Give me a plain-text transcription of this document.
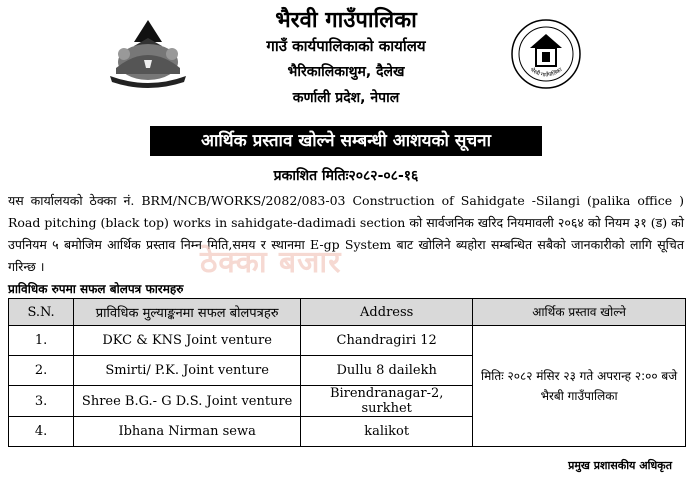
भैरवी गाउँपालिका
गाउँ कार्यपालिकाको कार्यालय
भैरिकालिकाथुम, दैलेख
कर्णाली प्रदेश, नेपाल
भैरवी गाउँपालिका
आर्थिक प्रस्ताव खोल्ने सम्बन्धी आशयको सूचना
प्रकाशित मितिः२०८२-०८-१६
यस कार्यालयको ठेक्का नं. BRM/NCB/WORKS/2082/083-03 Construction of Sahidgate -Silangi (palika office ) Road pitching (black top) works in sahidgate-dadimadi section को सार्वजनिक खरिद नियमावली २०६४ को नियम ३१ (ड) को उपनियम ५ बमोजिम आर्थिक प्रस्ताव निम्न मिति,समय र स्थानमा E-gp System बाट खोलिने ब्यहोरा सम्बन्धित सबैको जानकारीको लागि सूचित गरिन्छ ।	ठेक्का बजार
प्राविधिक रुपमा सफल बोलपत्र फारमहरु
S.N.	प्राविधिक मुल्याङ्कनमा सफल बोलपत्रहरु	Address	आर्थिक प्रस्ताव खोल्ने
1.	DKC & KNS Joint venture	Chandragiri 12	मितिः २०८२ मंसिर २३ गते अपरान्ह २:०० बजे भैरबी गाउँपालिका
2.	Smirti/ P.K. Joint venture	Dullu 8 dailekh	
3.	Shree B.G.- G D.S. Joint venture	Birendranagar-2, surkhet	
4.	Ibhana Nirman sewa	kalikot	
प्रमुख प्रशासकीय अधिकृत
